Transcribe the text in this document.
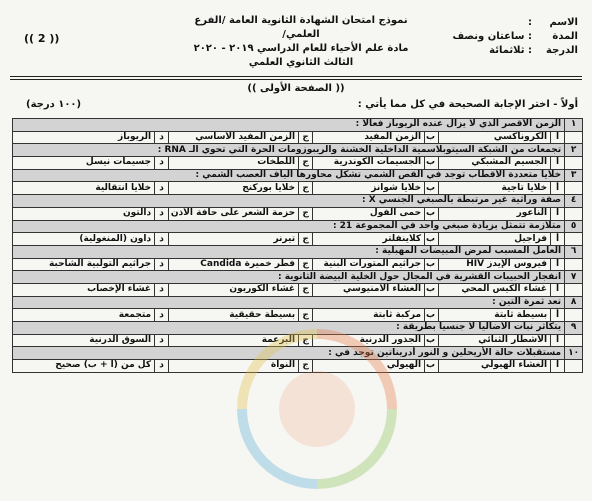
الاسم:
المدة: ساعتان ونصف
الدرجة: ثلاثمائة
نموذج امتحان الشهادة الثانوية العامة /الفرع العلمي/
مادة علم الأحياء للعام الدراسي ٢٠١٩ - ٢٠٢٠
الثالث الثانوي العلمي
(( 2 ))
(( الصفحة الأولى ))
أولاً - اختر الإجابة الصحيحة في كل مما يأتي :
(١٠٠ درجة)
١	الزمن الأقصر الذي لا يزال عنده الريوباز فعالاً :							
	أ	الكروناكسي	ب	الزمن المفيد	ج	الزمن المفيد الأساسي	د	الريوباز
٢	تجمعات من الشبكة السيتوبلاسمية الداخلية الخشنة والريبوزومات الحرة التي تحوي الـ RNA :							
	أ	الجسيم المشبكي	ب	الجسيمات الكوندرية	ج	اللطخات	د	جسيمات نيسل
٣	خلايا متعددة الأقطاب توجد في القص الشمي تشكل محاورها ألياف العصب الشمي :							
	أ	خلايا تاجية	ب	خلايا شوانز	ج	خلايا بوركنج	د	خلايا انتقالية
٤	صفة وراثية غير مرتبطة بالصبغي الجنسي X :							
	أ	الناعور	ب	حمى الفول	ج	حزمة الشعر على حافة الأذن	د	دالتون
٥	متلازمة تتمثل بزيادة صبغي واحد في المجموعة 21 :							
	أ	فراجيل	ب	كلاينفلتر	ج	تيرنر	د	داون (المنغولية)
٦	العامل المسبب لمرض المبيضات المهبلية :							
	أ	فيروس الإيدز HIV	ب	جراثيم المتورات البنية	ج	فطر خميرة Candida	د	جراثيم التولبية الشاحبة
٧	انفجار الحبيبات القشرية في المجال حول الخلية البيضة الثانوية :							
	أ	غشاء الكيس المحي	ب	الغشاء الأمنيوسي	ج	غشاء الكوريون	د	غشاء الإخصاب
٨	تعد ثمرة التين :							
	أ	بسيطة ثابتة	ب	مركبة ثابتة	ج	بسيطة حقيقية	د	متجمعة
٩	يتكاثر نبات الأضاليا لا جنسياً بطريقة :							
	أ	الأشطار الثنائي	ب	الجذور الدرنية	ج	البرعمة	د	السوق الدرنية
١٠	مستقبلات حالة الأريحلين و النور أدريناتين توجد في :							
	أ	الغشاء الهيولي	ب	الهيولي	ج	النواة	د	كل من (أ + ب) صحيح
